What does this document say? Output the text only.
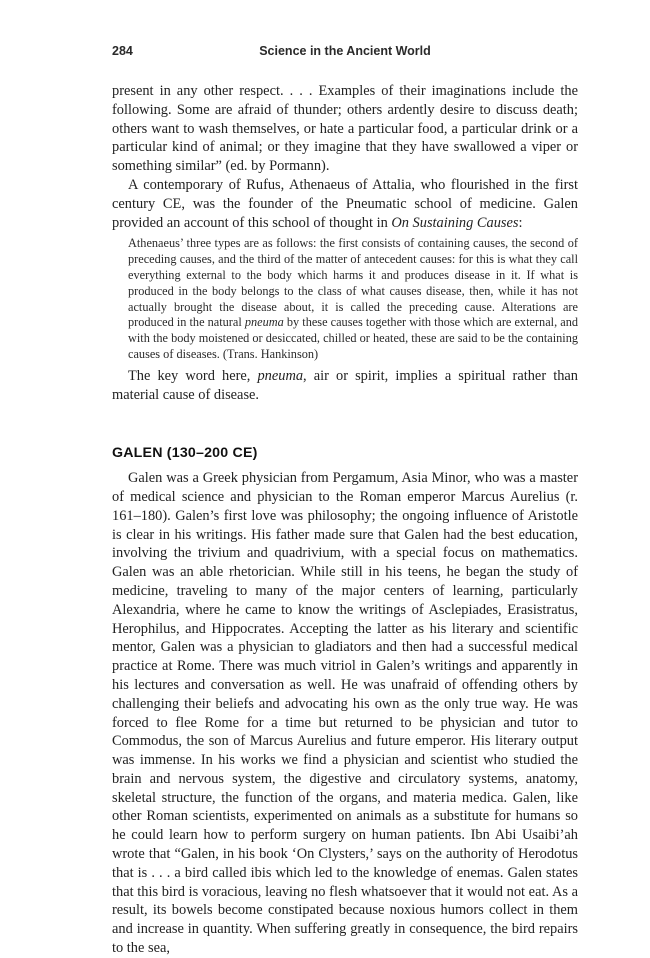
284	Science in the Ancient World

present in any other respect. . . . Examples of their imaginations include the following. Some are afraid of thunder; others ardently desire to discuss death; others want to wash themselves, or hate a particular food, a particular drink or a particular kind of animal; or they imagine that they have swallowed a viper or something similar” (ed. by Pormann).

A contemporary of Rufus, Athenaeus of Attalia, who flourished in the first century CE, was the founder of the Pneumatic school of medicine. Galen provided an account of this school of thought in On Sustaining Causes:

Athenaeus’ three types are as follows: the first consists of containing causes, the second of preceding causes, and the third of the matter of antecedent causes: for this is what they call everything external to the body which harms it and produces disease in it. If what is produced in the body belongs to the class of what causes disease, then, while it has not actually brought the disease about, it is called the preceding cause. Alterations are produced in the natural pneuma by these causes together with those which are external, and with the body moistened or desiccated, chilled or heated, these are said to be the containing causes of diseases. (Trans. Hankinson)

The key word here, pneuma, air or spirit, implies a spiritual rather than material cause of disease.

GALEN (130–200 CE)

Galen was a Greek physician from Pergamum, Asia Minor, who was a master of medical science and physician to the Roman emperor Marcus Aurelius (r. 161–180). Galen’s first love was philosophy; the ongoing influence of Aristotle is clear in his writings. His father made sure that Galen had the best education, involving the trivium and quadrivium, with a special focus on mathematics. Galen was an able rhetorician. While still in his teens, he began the study of medicine, traveling to many of the major centers of learning, particularly Alexandria, where he came to know the writings of Asclepiades, Erasistratus, Herophilus, and Hippocrates. Accepting the latter as his literary and scientific mentor, Galen was a physician to gladiators and then had a successful medical practice at Rome. There was much vitriol in Galen’s writings and apparently in his lectures and conversation as well. He was unafraid of offending others by challenging their beliefs and advocating his own as the only true way. He was forced to flee Rome for a time but returned to be physician and tutor to Commodus, the son of Marcus Aurelius and future emperor. His literary output was immense. In his works we find a physician and scientist who studied the brain and nervous system, the digestive and circulatory systems, anatomy, skeletal structure, the function of the organs, and materia medica. Galen, like other Roman scientists, experimented on animals as a substitute for humans so he could learn how to perform surgery on human patients. Ibn Abi Usaibi’ah wrote that “Galen, in his book ‘On Clysters,’ says on the authority of Herodotus that is . . . a bird called ibis which led to the knowledge of enemas. Galen states that this bird is voracious, leaving no flesh whatsoever that it would not eat. As a result, its bowels become constipated because noxious humors collect in them and increase in quantity. When suffering greatly in consequence, the bird repairs to the sea,
